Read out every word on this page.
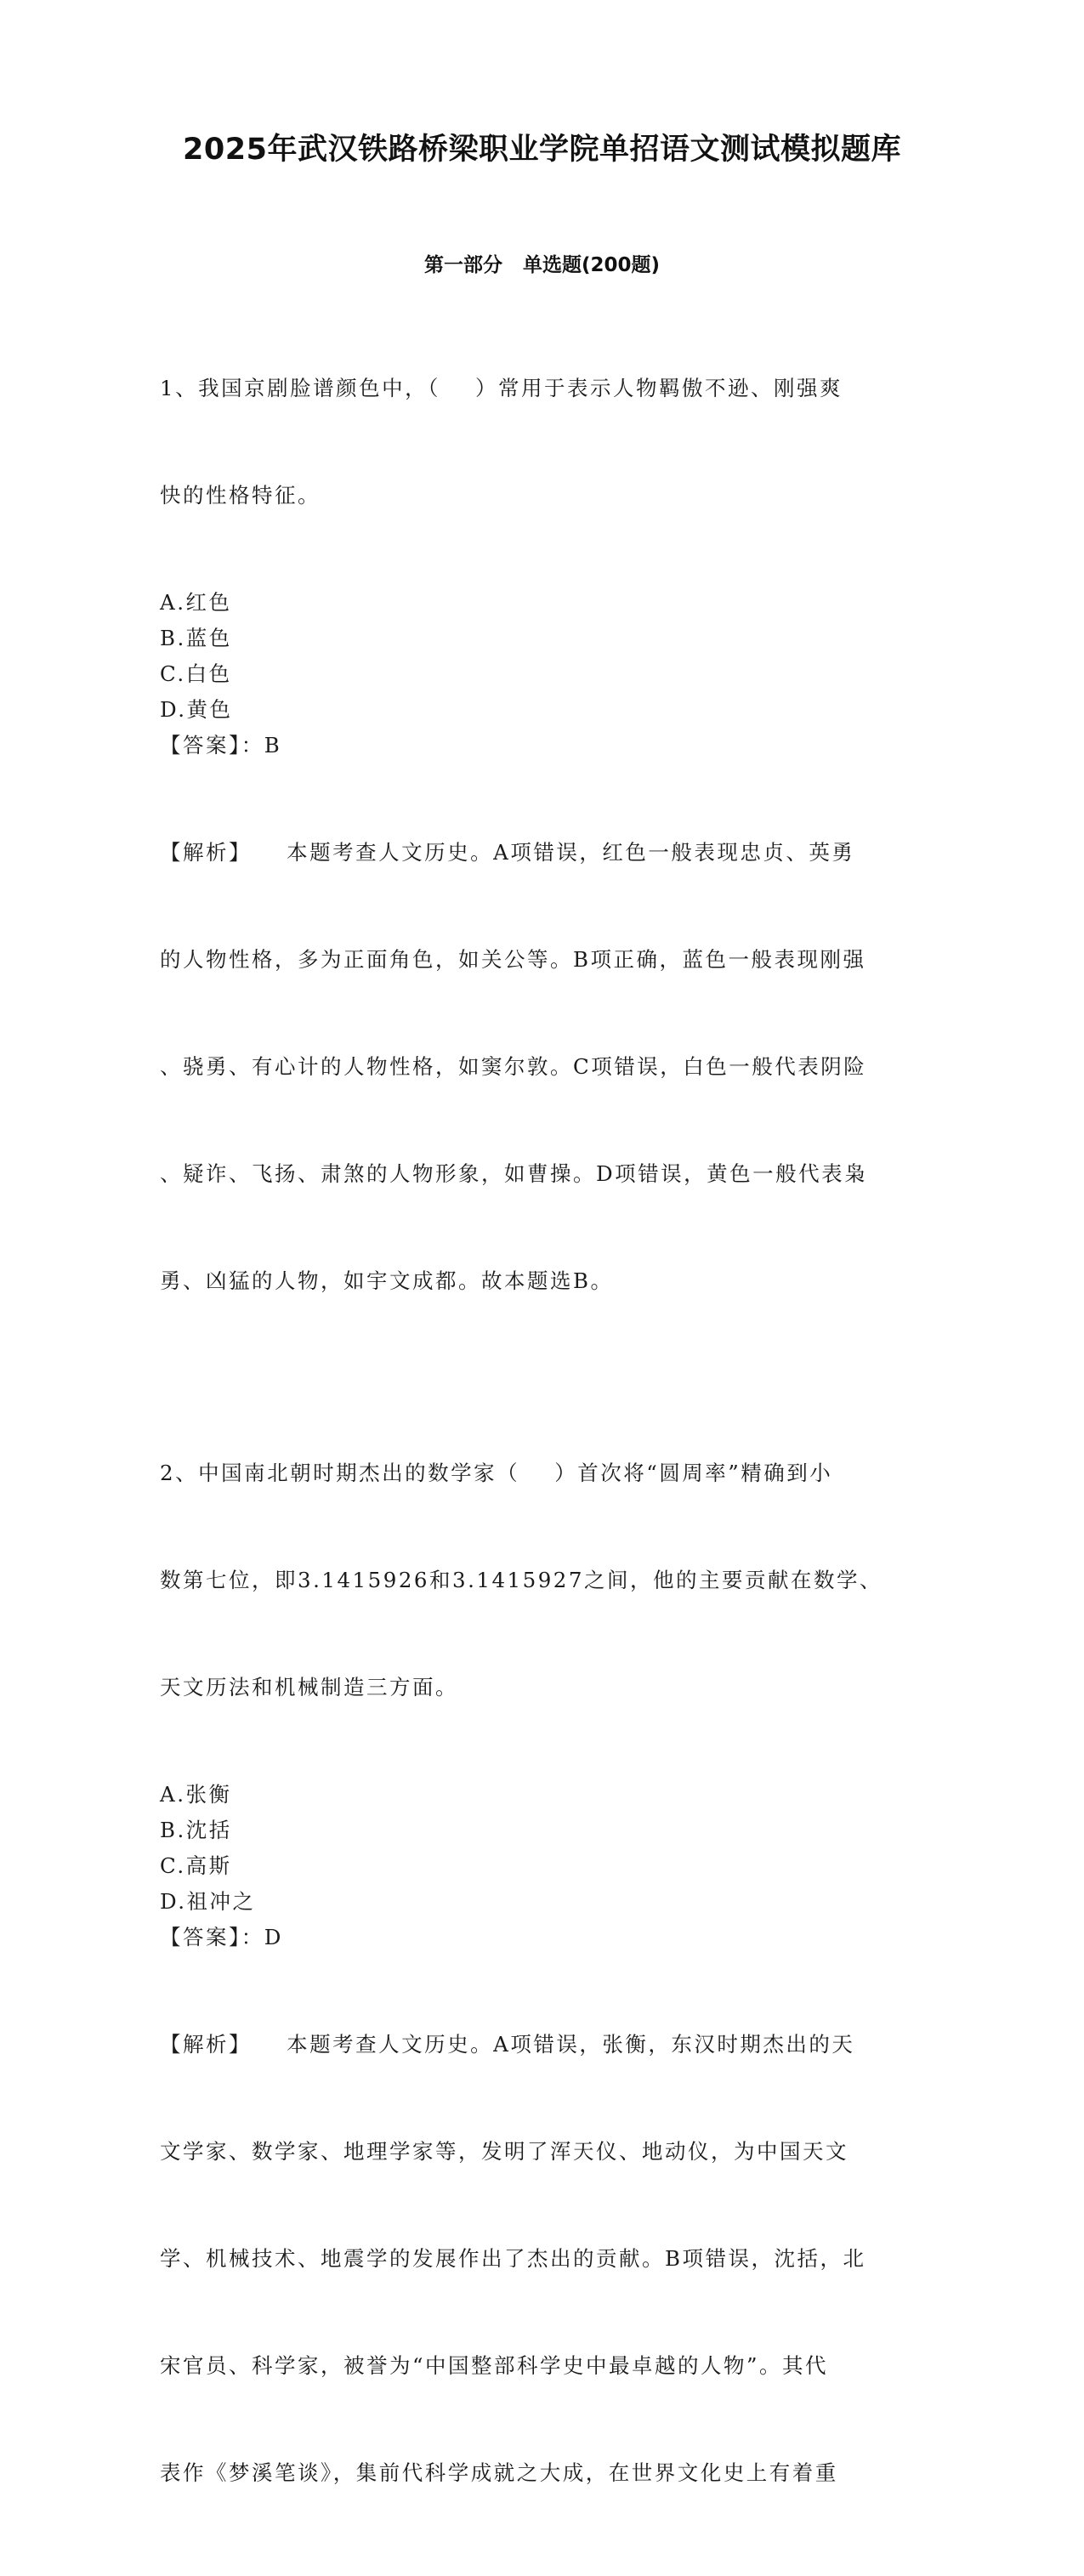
2025年武汉铁路桥梁职业学院单招语文测试模拟题库
第一部分   单选题(200题)

1、我国京剧脸谱颜色中，（    ）常用于表示人物羁傲不逊、刚强爽

快的性格特征。

A.红色

B.蓝色

C.白色

D.黄色

【答案】：B

【解析】    本题考查人文历史。A项错误，红色一般表现忠贞、英勇

的人物性格，多为正面角色，如关公等。B项正确，蓝色一般表现刚强

、骁勇、有心计的人物性格，如窦尔敦。C项错误，白色一般代表阴险

、疑诈、飞扬、肃煞的人物形象，如曹操。D项错误，黄色一般代表枭

勇、凶猛的人物，如宇文成都。故本题选B。

2、中国南北朝时期杰出的数学家（    ）首次将“圆周率”精确到小

数第七位，即3.1415926和3.1415927之间，他的主要贡献在数学、

天文历法和机械制造三方面。

A.张衡

B.沈括

C.高斯

D.祖冲之

【答案】：D

【解析】    本题考查人文历史。A项错误，张衡，东汉时期杰出的天

文学家、数学家、地理学家等，发明了浑天仪、地动仪，为中国天文

学、机械技术、地震学的发展作出了杰出的贡献。B项错误，沈括，北

宋官员、科学家，被誉为“中国整部科学史中最卓越的人物”。其代

表作《梦溪笔谈》，集前代科学成就之大成，在世界文化史上有着重
